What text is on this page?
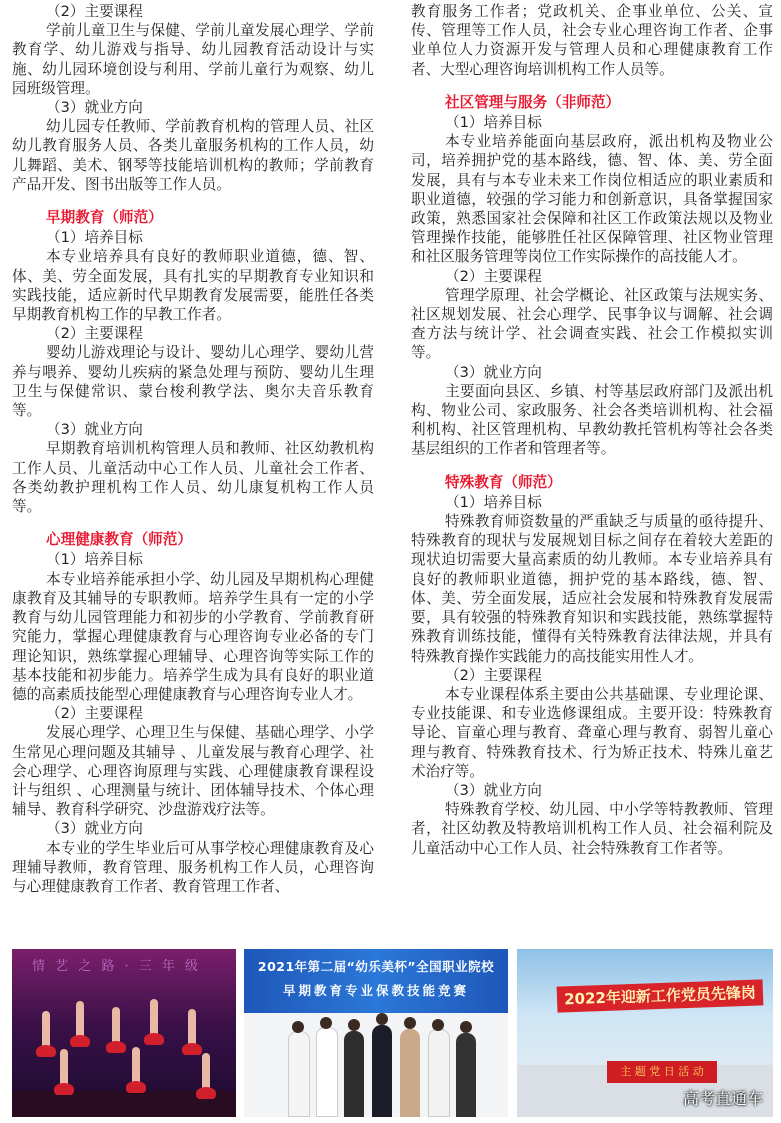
（2）主要课程

学前儿童卫生与保健、学前儿童发展心理学、学前教育学、幼儿游戏与指导、幼儿园教育活动设计与实施、幼儿园环境创设与利用、学前儿童行为观察、幼儿园班级管理。

（3）就业方向

幼儿园专任教师、学前教育机构的管理人员、社区幼儿教育服务人员、各类儿童服务机构的工作人员，幼儿舞蹈、美术、钢琴等技能培训机构的教师；学前教育产品开发、图书出版等工作人员。

早期教育（师范）

（1）培养目标

本专业培养具有良好的教师职业道德，德、智、体、美、劳全面发展，具有扎实的早期教育专业知识和实践技能，适应新时代早期教育发展需要，能胜任各类早期教育机构工作的早教工作者。

（2）主要课程

婴幼儿游戏理论与设计、婴幼儿心理学、婴幼儿营养与喂养、婴幼儿疾病的紧急处理与预防、婴幼儿生理卫生与保健常识、蒙台梭利教学法、奥尔夫音乐教育等。

（3）就业方向

早期教育培训机构管理人员和教师、社区幼教机构工作人员、儿童活动中心工作人员、儿童社会工作者、各类幼教护理机构工作人员、幼儿康复机构工作人员等。

心理健康教育（师范）

（1）培养目标

本专业培养能承担小学、幼儿园及早期机构心理健康教育及其辅导的专职教师。培养学生具有一定的小学教育与幼儿园管理能力和初步的小学教育、学前教育研究能力，掌握心理健康教育与心理咨询专业必备的专门理论知识，熟练掌握心理辅导、心理咨询等实际工作的基本技能和初步能力。培养学生成为具有良好的职业道德的高素质技能型心理健康教育与心理咨询专业人才。

（2）主要课程

发展心理学、心理卫生与保健、基础心理学、小学生常见心理问题及其辅导 、儿童发展与教育心理学、社会心理学、心理咨询原理与实践、心理健康教育课程设计与组织 、心理测量与统计、团体辅导技术、个体心理辅导、教育科学研究、沙盘游戏疗法等。

（3）就业方向

本专业的学生毕业后可从事学校心理健康教育及心理辅导教师，教育管理、服务机构工作人员，心理咨询与心理健康教育工作者、教育管理工作者、

教育服务工作者；党政机关、企事业单位、公关、宣传、管理等工作人员，社会专业心理咨询工作者、企事业单位人力资源开发与管理人员和心理健康教育工作者、大型心理咨询培训机构工作人员等。

社区管理与服务（非师范）

（1）培养目标

本专业培养能面向基层政府，派出机构及物业公司，培养拥护党的基本路线，德、智、体、美、劳全面发展，具有与本专业未来工作岗位相适应的职业素质和职业道德，较强的学习能力和创新意识，具备掌握国家政策，熟悉国家社会保障和社区工作政策法规以及物业管理操作技能，能够胜任社区保障管理、社区物业管理和社区服务管理等岗位工作实际操作的高技能人才。

（2）主要课程

管理学原理、社会学概论、社区政策与法规实务、社区规划发展、社会心理学、民事争议与调解、社会调查方法与统计学、社会调查实践、社会工作模拟实训等。

（3）就业方向

主要面向县区、乡镇、村等基层政府部门及派出机构、物业公司、家政服务、社会各类培训机构、社会福利机构、社区管理机构、早教幼教托管机构等社会各类基层组织的工作者和管理者等。

特殊教育（师范）

（1）培养目标

特殊教育师资数量的严重缺乏与质量的亟待提升、特殊教育的现状与发展规划目标之间存在着较大差距的现状迫切需要大量高素质的幼儿教师。本专业培养具有良好的教师职业道德，拥护党的基本路线，德、智、体、美、劳全面发展，适应社会发展和特殊教育发展需要，具有较强的特殊教育知识和实践技能，熟练掌握特殊教育训练技能，懂得有关特殊教育法律法规，并具有特殊教育操作实践能力的高技能实用性人才。

（2）主要课程

本专业课程体系主要由公共基础课、专业理论课、专业技能课、和专业选修课组成。主要开设：特殊教育导论、盲童心理与教育、聋童心理与教育、弱智儿童心理与教育、特殊教育技术、行为矫正技术、特殊儿童艺术治疗等。

（3）就业方向

特殊教育学校、幼儿园、中小学等特教教师、管理者，社区幼教及特教培训机构工作人员、社会福利院及儿童活动中心工作人员、社会特殊教育工作者等。

情 艺 之 路 · 三 年 级	2021年第二届“幼乐美杯”全国职业院校
早期教育专业保教技能竞赛	2022年迎新工作党员先锋岗
主 题 党 日 活 动
高考直通车
